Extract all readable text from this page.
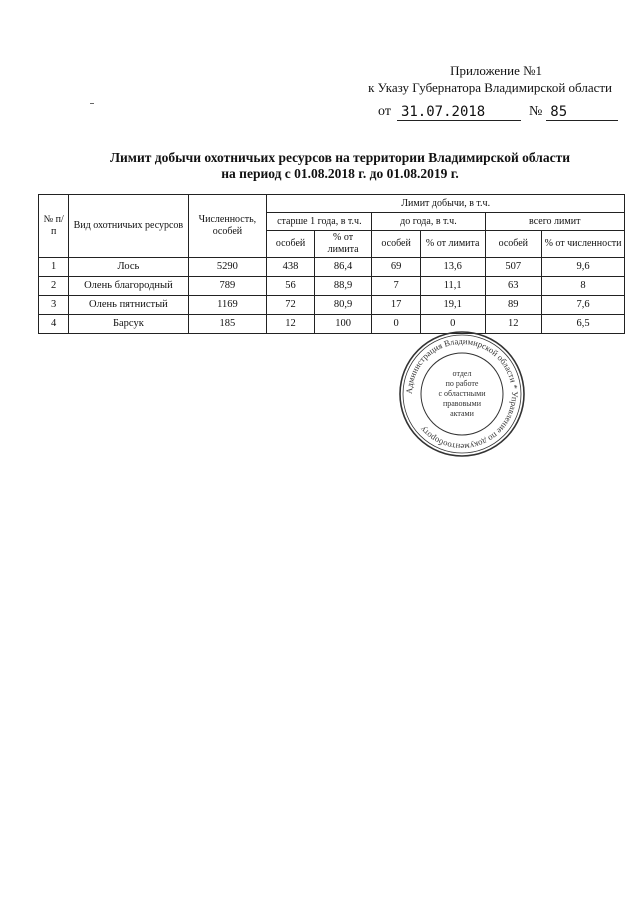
Приложение №1
к Указу Губернатора Владимирской области
от 31.07.2018	№ 85
Лимит добычи охотничьих ресурсов на территории Владимирской области
на период с 01.08.2018 г. до 01.08.2019 г.
№ п/п	Вид охотничьих ресурсов	Численность, особей	Лимит добычи, в т.ч.					
			старше 1 года, в т.ч.		до года, в т.ч.		всего лимит	
			особей	% от лимита	особей	% от лимита	особей	% от численности
1	Лось	5290	438	86,4	69	13,6	507	9,6
2	Олень благородный	789	56	88,9	7	11,1	63	8
3	Олень пятнистый	1169	72	80,9	17	19,1	89	7,6
4	Барсук	185	12	100	0	0	12	6,5
Администрация Владимирской области * Управление по документообороту
отдел
по работе
с областными
правовыми
актами
